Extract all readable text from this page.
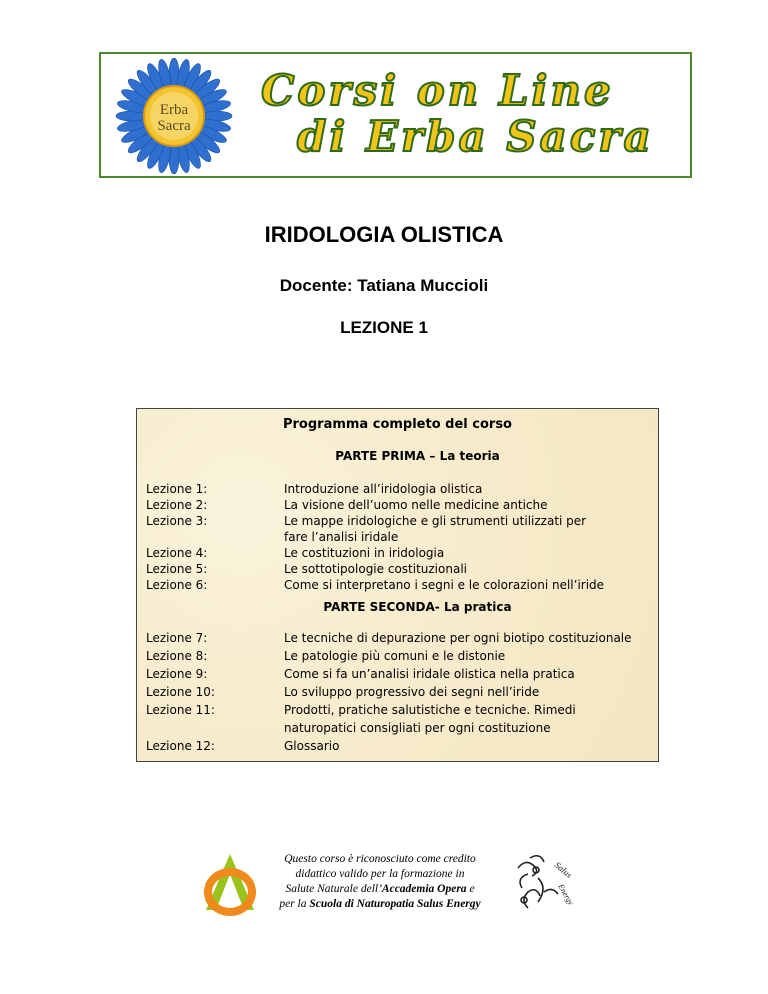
Erba
Sacra
Corsi on Line
di Erba Sacra
IRIDOLOGIA OLISTICA
Docente: Tatiana Muccioli
LEZIONE 1
Programma completo del corso
PARTE PRIMA – La teoria
Lezione 1:
Lezione 2:
Lezione 3:
Lezione 4:
Lezione 5:
Lezione 6:
Introduzione all’iridologia olistica
La visione dell’uomo nelle medicine antiche
Le mappe iridologiche e gli strumenti utilizzati per
fare l’analisi iridale
Le costituzioni in iridologia
Le sottotipologie costituzionali
Come si interpretano i segni e le colorazioni nell’iride
PARTE SECONDA- La pratica
Lezione 7:
Lezione 8:
Lezione 9:
Lezione 10:
Lezione 11:
Lezione 12:
Le tecniche di depurazione per ogni biotipo costituzionale
Le patologie più comuni e le distonie
Come si fa un’analisi iridale olistica nella pratica
Lo sviluppo progressivo dei segni nell’iride
Prodotti, pratiche salutistiche e tecniche. Rimedi
naturopatici consigliati per ogni costituzione
Glossario
Questo corso è riconosciuto come credito
didattico valido per la formazione in
Salute Naturale dell’Accademia Opera e
per la Scuola di Naturopatia Salus Energy
Salus
Energy
